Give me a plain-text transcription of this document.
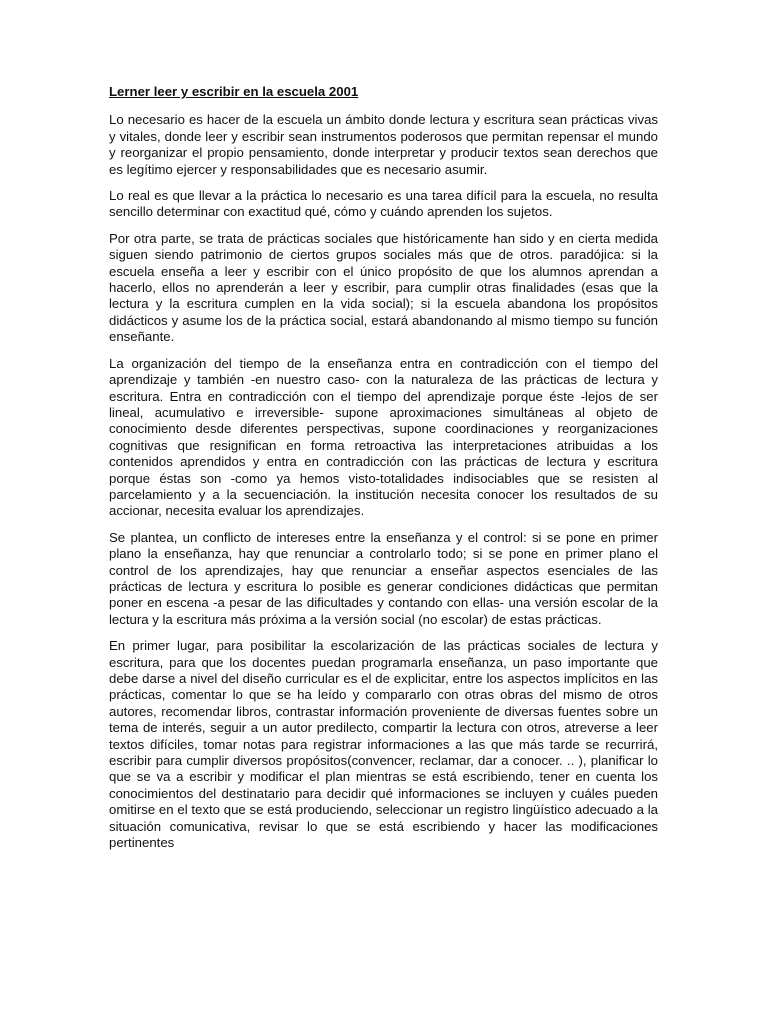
Lerner leer y escribir en la escuela 2001

Lo necesario es hacer de la escuela un ámbito donde lectura y escritura sean prácticas vivas y vitales, donde leer y escribir sean instrumentos poderosos que permitan repensar el mundo y reorganizar el propio pensamiento, donde interpretar y producir textos sean derechos que es legítimo ejercer y responsabilidades que es necesario asumir.

Lo real es que llevar a la práctica lo necesario es una tarea difícil para la escuela, no resulta sencillo determinar con exactitud qué, cómo y cuándo aprenden los sujetos.

Por otra parte, se trata de prácticas sociales que históricamente han sido y en cierta medida siguen siendo patrimonio de ciertos grupos sociales más que de otros. paradójica: si la escuela enseña a leer y escribir con el único propósito de que los alumnos aprendan a hacerlo, ellos no aprenderán a leer y escribir, para cumplir otras finalidades (esas que la lectura y la escritura cumplen en la vida social); si la escuela abandona los propósitos didácticos y asume los de la práctica social, estará abandonando al mismo tiempo su función enseñante.

La organización del tiempo de la enseñanza entra en contradicción con el tiempo del aprendizaje y también -en nuestro caso- con la naturaleza de las prácticas de lectura y escritura. Entra en contradicción con el tiempo del aprendizaje porque éste -lejos de ser lineal, acumulativo e irreversible- supone aproximaciones simultáneas al objeto de conocimiento desde diferentes perspectivas, supone coordinaciones y reorganizaciones cognitivas que resignifican en forma retroactiva las interpretaciones atribuidas a los contenidos aprendidos y entra en contradicción con las prácticas de lectura y escritura porque éstas son -como ya hemos visto-totalidades indisociables que se resisten al parcelamiento y a la secuenciación. la institución necesita conocer los resultados de su accionar, necesita evaluar los aprendizajes.

Se plantea, un conflicto de intereses entre la enseñanza y el control: si se pone en primer plano la enseñanza, hay que renunciar a controlarlo todo; si se pone en primer plano el control de los aprendizajes, hay que renunciar a enseñar aspectos esenciales de las prácticas de lectura y escritura lo posible es generar condiciones didácticas que permitan poner en escena -a pesar de las dificultades y contando con ellas- una versión escolar de la lectura y la escritura más próxima a la versión social (no escolar) de estas prácticas.

En primer lugar, para posibilitar la escolarización de las prácticas sociales de lectura y escritura, para que los docentes puedan programarla enseñanza, un paso importante que debe darse a nivel del diseño curricular es el de explicitar, entre los aspectos implícitos en las prácticas, comentar lo que se ha leído y compararlo con otras obras del mismo de otros autores, recomendar libros, contrastar información proveniente de diversas fuentes sobre un tema de interés, seguir a un autor predilecto, compartir la lectura con otros, atreverse a leer textos difíciles, tomar notas para registrar informaciones a las que más tarde se recurrirá, escribir para cumplir diversos propósitos(convencer, reclamar, dar a conocer. .. ), planificar lo que se va a escribir y modificar el plan mientras se está escribiendo, tener en cuenta los conocimientos del destinatario para decidir qué informaciones se incluyen y cuáles pueden omitirse en el texto que se está produciendo, seleccionar un registro lingüístico adecuado a la situación comunicativa, revisar lo que se está escribiendo y hacer las modificaciones pertinentes
